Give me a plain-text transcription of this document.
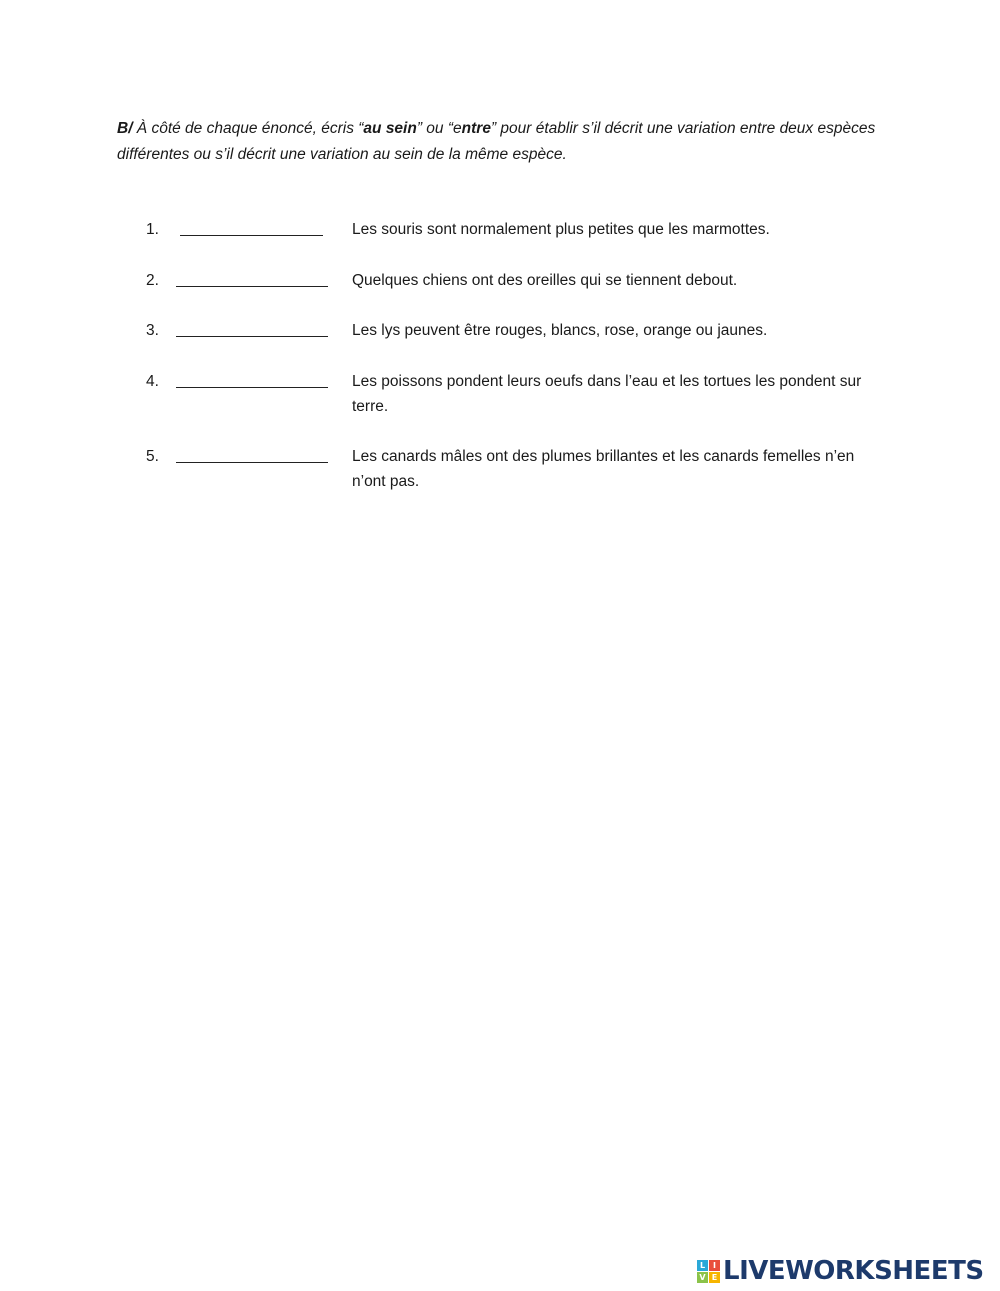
B/ À côté de chaque énoncé, écris “au sein” ou “entre” pour établir s’il décrit une variation entre deux espèces différentes ou s’il décrit une variation au sein de la même espèce.
1.	Les souris sont normalement plus petites que les marmottes.
2.	Quelques chiens ont des oreilles qui se tiennent debout.
3.	Les lys peuvent être rouges, blancs, rose, orange ou jaunes.
4.	Les poissons pondent leurs oeufs dans l’eau et les tortues les pondent sur terre.
5.	Les canards mâles ont des plumes brillantes et les canards femelles n’en n’ont pas.
L I
V E LIVEWORKSHEETS
